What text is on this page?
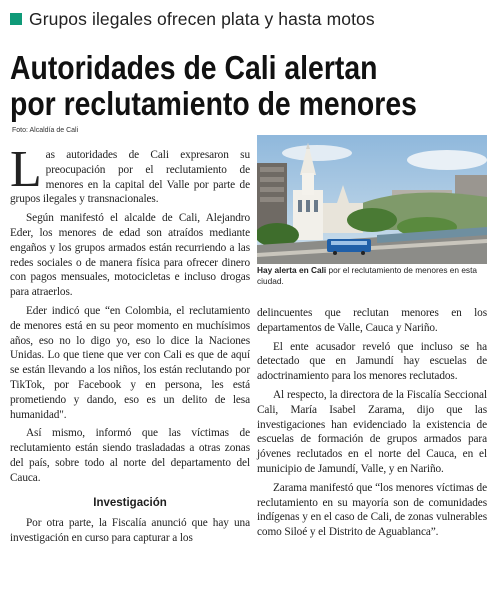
Grupos ilegales ofrecen plata y hasta motos
Autoridades de Cali alertan
por reclutamiento de menores
Foto: Alcaldía de Cali

Las autoridades de Cali expresaron su preocupación por el reclutamiento de menores en la capital del Valle por parte de grupos ilegales y transnacionales.

Según manifestó el alcalde de Cali, Alejandro Eder, los menores de edad son atraídos mediante engaños y los grupos armados están recurriendo a las redes sociales o de manera física para ofrecer dinero con pagos mensuales, motocicletas e incluso drogas para atraerlos.

Eder indicó que “en Colombia, el reclutamiento de menores está en su peor momento en muchísimos años, eso no lo digo yo, eso lo dice la Naciones Unidas. Lo que tiene que ver con Cali es que de aquí se están llevando a los niños, los están reclutando por TikTok, por Facebook y en persona, les está prometiendo y dando, eso es un delito de lesa humanidad".

Así mismo, informó que las víctimas de reclutamiento están siendo trasladadas a otras zonas del país, sobre todo al norte del departamento del Cauca.

Investigación

Por otra parte, la Fiscalía anunció que hay una investigación en curso para capturar a los

Hay alerta en Cali por el reclutamiento de menores en esta ciudad.

delincuentes que reclutan menores en los departamentos de Valle, Cauca y Nariño.

El ente acusador reveló que incluso se ha detectado que en Jamundí hay escuelas de adoctrinamiento para los menores reclutados.

Al respecto, la directora de la Fiscalía Seccional Cali, María Isabel Zarama, dijo que las investigaciones han evidenciado la existencia de escuelas de formación de grupos armados para jóvenes reclutados en el norte del Cauca, en el municipio de Jamundí, Valle, y en Nariño.

Zarama manifestó que “los menores víctimas de reclutamiento en su mayoría son de comunidades indígenas y en el caso de Cali, de zonas vulnerables como Siloé y el Distrito de Aguablanca”.
